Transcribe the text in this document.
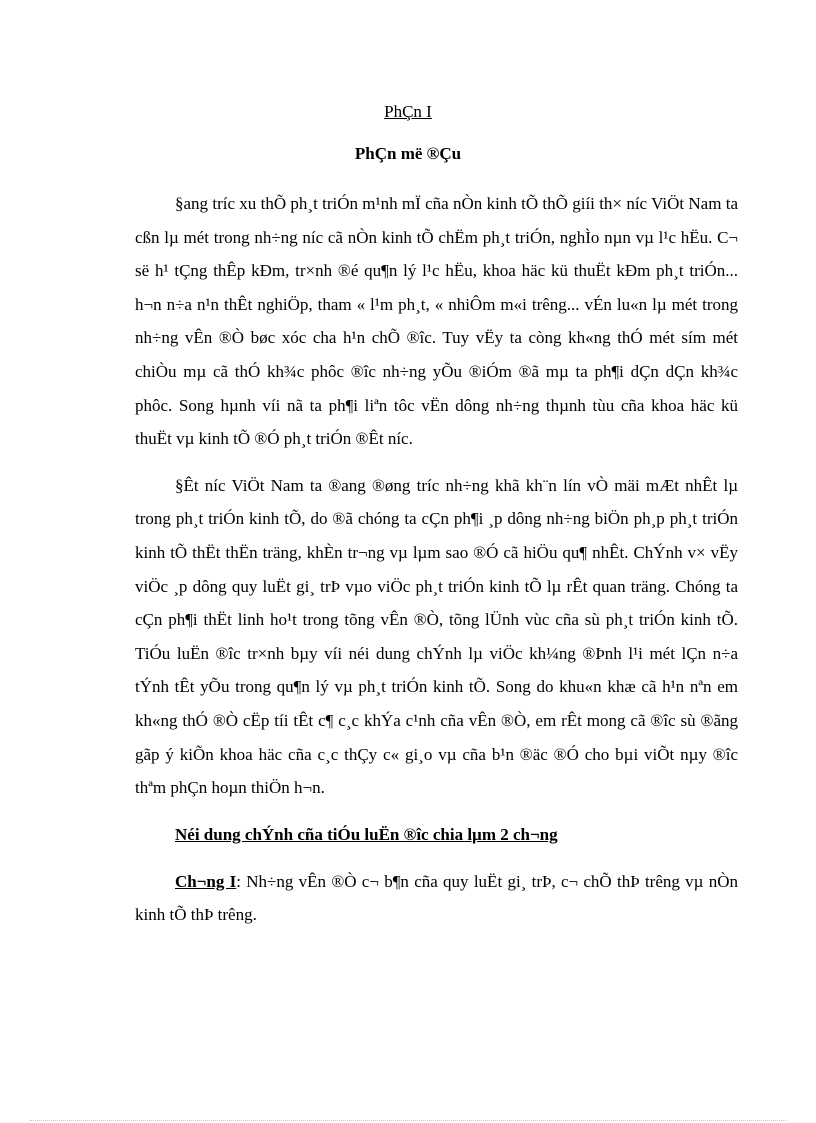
PhÇn I
PhÇn më ®Çu

§ang tríc xu thÕ ph¸t triÓn m¹nh mÏ cña nÒn kinh tÕ thÕ giíi th× níc ViÖt Nam ta cßn lµ mét trong nh÷ng níc cã nÒn kinh tÕ chËm ph¸t triÓn, nghÌo nµn vµ l¹c hËu. C¬ së h¹ tÇng thÊp kÐm, tr×nh ®é qu¶n lý l¹c hËu, khoa häc kü thuËt kÐm ph¸t triÓn... h¬n n÷a n¹n thÊt nghiÖp, tham « l¹m ph¸t, « nhiÔm m«i trêng... vÉn lu«n lµ mét trong nh÷ng vÊn ®Ò bøc xóc cha h¹n chÕ ®îc. Tuy vËy ta còng kh«ng thÓ mét sím mét chiÒu mµ cã thÓ kh¾c phôc ®îc nh÷ng yÕu ®iÓm ®ã mµ ta ph¶i dÇn dÇn kh¾c phôc. Song hµnh víi nã ta ph¶i liªn tôc vËn dông nh÷ng thµnh tùu cña khoa häc kü thuËt vµ kinh tÕ ®Ó ph¸t triÓn ®Êt níc.

§Êt níc ViÖt Nam ta ®ang ®øng tríc nh÷ng khã kh¨n lín vÒ mäi mÆt nhÊt lµ trong ph¸t triÓn kinh tÕ, do ®ã chóng ta cÇn ph¶i ¸p dông nh÷ng biÖn ph¸p ph¸t triÓn kinh tÕ thËt thËn träng, khÈn tr¬ng vµ lµm sao ®Ó cã hiÖu qu¶ nhÊt. ChÝnh v× vËy viÖc ¸p dông quy luËt gi¸ trÞ vµo viÖc ph¸t triÓn kinh tÕ lµ rÊt quan träng. Chóng ta cÇn ph¶i thËt linh ho¹t trong tõng vÊn ®Ò, tõng lÜnh vùc cña sù ph¸t triÓn kinh tÕ. TiÓu luËn ®îc tr×nh bµy víi néi dung chÝnh lµ viÖc kh¼ng ®Þnh l¹i mét lÇn n÷a tÝnh tÊt yÕu trong qu¶n lý vµ ph¸t triÓn kinh tÕ. Song do khu«n khæ cã h¹n nªn em kh«ng thÓ ®Ò cËp tíi tÊt c¶ c¸c khÝa c¹nh cña vÊn ®Ò, em rÊt mong cã ®îc sù ®ãng gãp ý kiÕn khoa häc cña c¸c thÇy c« gi¸o vµ cña b¹n ®äc ®Ó cho bµi viÕt nµy ®îc thªm phÇn hoµn thiÖn h¬n.

Néi dung chÝnh cña tiÓu luËn ®îc chia lµm 2 ch¬ng

Ch¬ng I: Nh÷ng vÊn ®Ò c¬ b¶n cña quy luËt gi¸ trÞ, c¬ chÕ thÞ trêng vµ nÒn kinh tÕ thÞ trêng.
